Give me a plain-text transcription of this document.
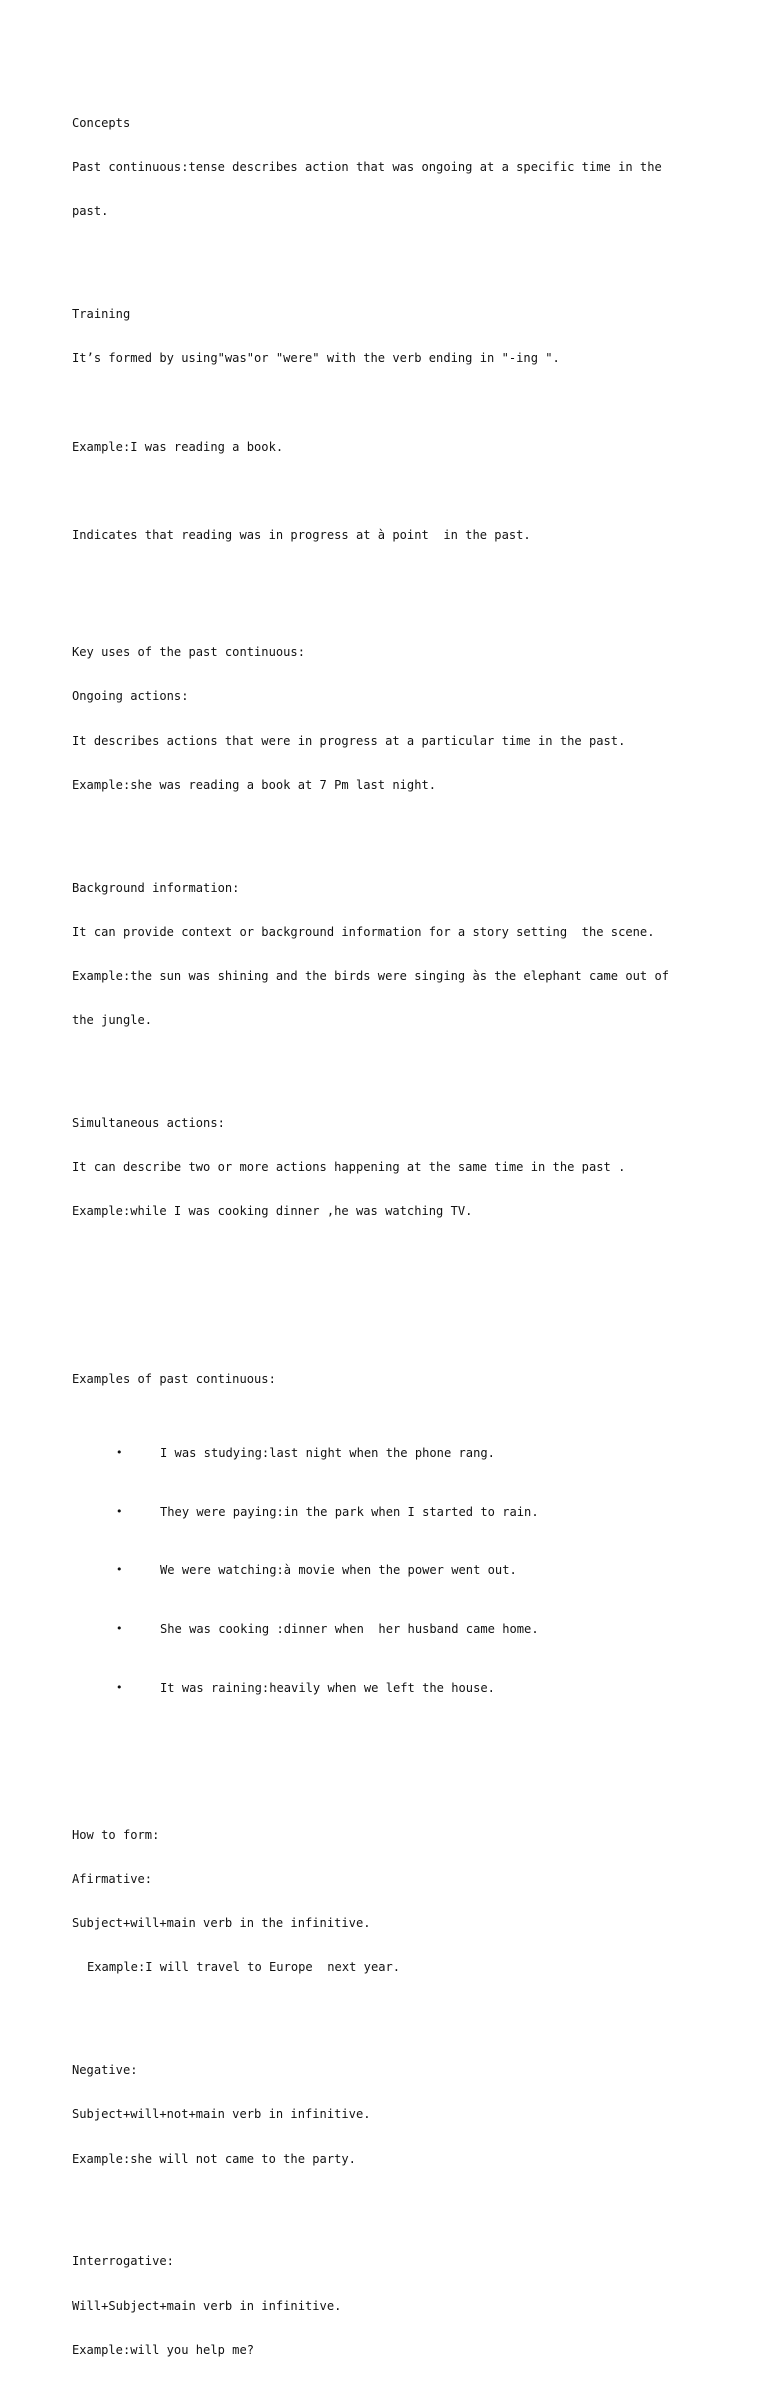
Concepts

Past continuous:tense describes action that was ongoing at a specific time in the

past.

Training

It’s formed by using"was"or "were" with the verb ending in "-ing ".

Example:I was reading a book.

Indicates that reading was in progress at à point  in the past.

Key uses of the past continuous:

Ongoing actions:

It describes actions that were in progress at a particular time in the past.

Example:she was reading a book at 7 Pm last night.

Background information:

It can provide context or background information for a story setting  the scene.

Example:the sun was shining and the birds were singing às the elephant came out of

the jungle.

Simultaneous actions:

It can describe two or more actions happening at the same time in the past .

Example:while I was cooking dinner ,he was watching TV.

Examples of past continuous:

•	I was studying:last night when the phone rang.

•	They were paying:in the park when I started to rain.

•	We were watching:à movie when the power went out.

•	She was cooking :dinner when  her husband came home.

•	It was raining:heavily when we left the house.

How to form:

Afirmative:

Subject+will+main verb in the infinitive.

Example:I will travel to Europe  next year.

Negative:

Subject+will+not+main verb in infinitive.

Example:she will not came to the party.

Interrogative:

Will+Subject+main verb in infinitive.

Example:will you help me?
